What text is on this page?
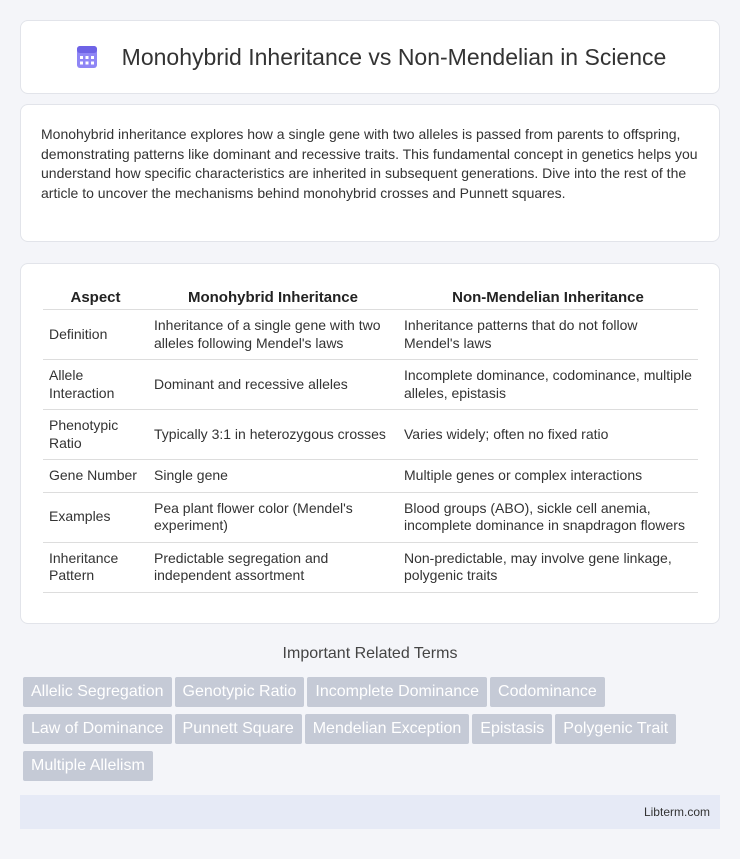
Monohybrid Inheritance vs Non-Mendelian in Science

Monohybrid inheritance explores how a single gene with two alleles is passed from parents to offspring, demonstrating patterns like dominant and recessive traits. This fundamental concept in genetics helps you understand how specific characteristics are inherited in subsequent generations. Dive into the rest of the article to uncover the mechanisms behind monohybrid crosses and Punnett squares.

Aspect	Monohybrid Inheritance	Non-Mendelian Inheritance
Definition	Inheritance of a single gene with two alleles following Mendel's laws	Inheritance patterns that do not follow Mendel's laws
Allele Interaction	Dominant and recessive alleles	Incomplete dominance, codominance, multiple alleles, epistasis
Phenotypic Ratio	Typically 3:1 in heterozygous crosses	Varies widely; often no fixed ratio
Gene Number	Single gene	Multiple genes or complex interactions
Examples	Pea plant flower color (Mendel's experiment)	Blood groups (ABO), sickle cell anemia, incomplete dominance in snapdragon flowers
Inheritance Pattern	Predictable segregation and independent assortment	Non-predictable, may involve gene linkage, polygenic traits
Important Related Terms
Allelic Segregation Genotypic Ratio Incomplete Dominance Codominance
Law of Dominance Punnett Square Mendelian Exception Epistasis Polygenic Trait
Multiple Allelism
Libterm.com
